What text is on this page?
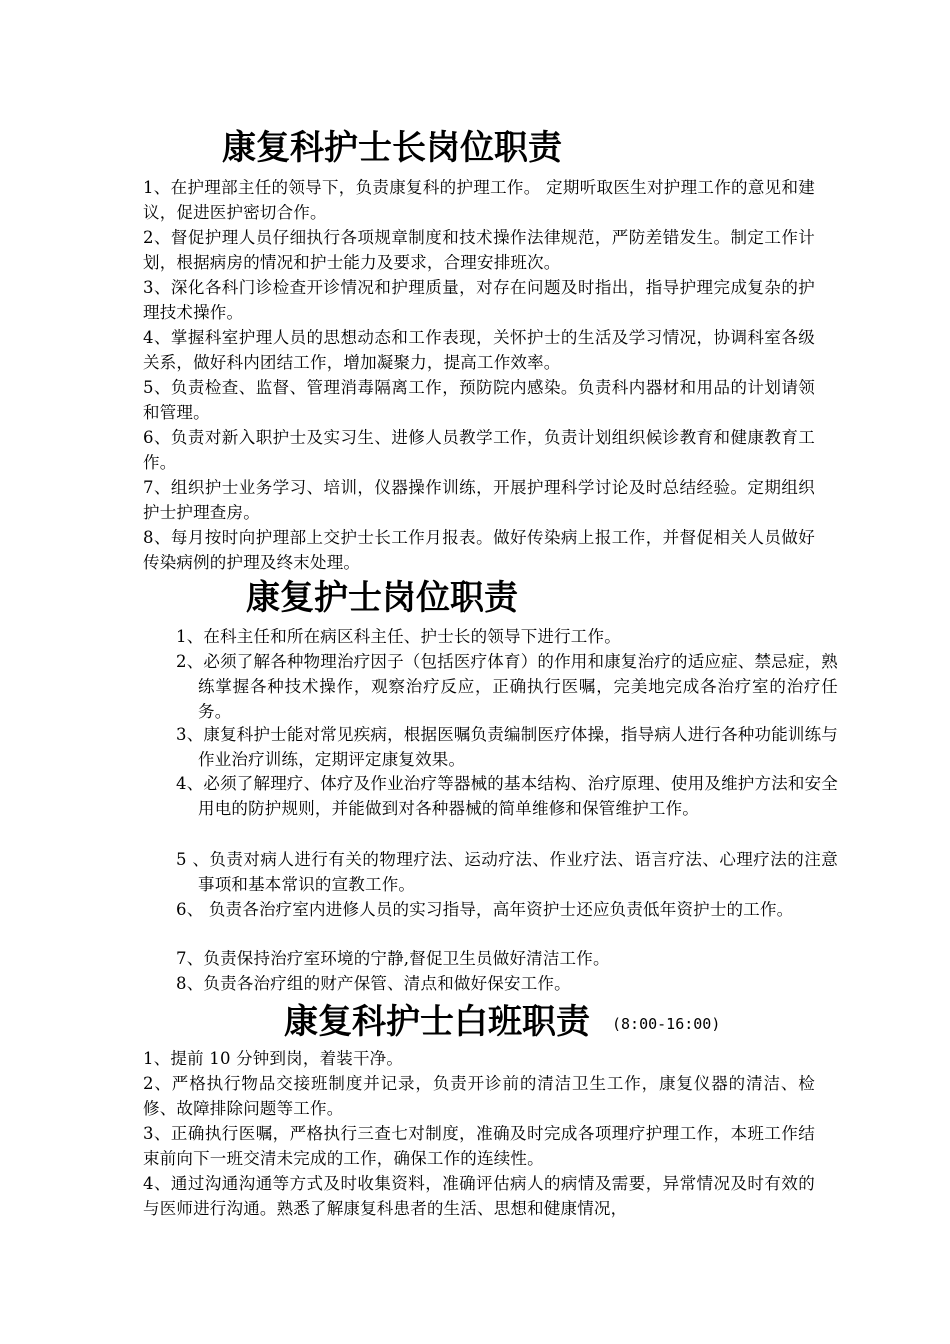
康复科护士长岗位职责

1、在护理部主任的领导下，负责康复科的护理工作。 定期听取医生对护理工作的意见和建议，促进医护密切合作。

2、督促护理人员仔细执行各项规章制度和技术操作法律规范，严防差错发生。制定工作计划，根据病房的情况和护士能力及要求，合理安排班次。

3、深化各科门诊检查开诊情况和护理质量，对存在问题及时指出，指导护理完成复杂的护理技术操作。

4、掌握科室护理人员的思想动态和工作表现，关怀护士的生活及学习情况，协调科室各级关系，做好科内团结工作，增加凝聚力，提高工作效率。

5、负责检查、监督、管理消毒隔离工作，预防院内感染。负责科内器材和用品的计划请领和管理。

6、负责对新入职护士及实习生、进修人员教学工作，负责计划组织候诊教育和健康教育工作。

7、组织护士业务学习、培训，仪器操作训练，开展护理科学讨论及时总结经验。定期组织护士护理查房。

8、每月按时向护理部上交护士长工作月报表。做好传染病上报工作，并督促相关人员做好传染病例的护理及终末处理。

康复护士岗位职责

1、在科主任和所在病区科主任、护士长的领导下进行工作。

2、必须了解各种物理治疗因子（包括医疗体育）的作用和康复治疗的适应症、禁忌症，熟练掌握各种技术操作，观察治疗反应，正确执行医嘱，完美地完成各治疗室的治疗任务。

3、康复科护士能对常见疾病，根据医嘱负责编制医疗体操，指导病人进行各种功能训练与作业治疗训练，定期评定康复效果。

4、必须了解理疗、体疗及作业治疗等器械的基本结构、治疗原理、使用及维护方法和安全用电的防护规则，并能做到对各种器械的简单维修和保管维护工作。

5 、负责对病人进行有关的物理疗法、运动疗法、作业疗法、语言疗法、心理疗法的注意事项和基本常识的宣教工作。

6、 负责各治疗室内进修人员的实习指导，高年资护士还应负责低年资护士的工作。

7、负责保持治疗室环境的宁静,督促卫生员做好清洁工作。

8、负责各治疗组的财产保管、清点和做好保安工作。

康复科护士白班职责 $^{(8:00-16:00)}$

1、提前 10 分钟到岗，着装干净。

2、严格执行物品交接班制度并记录，负责开诊前的清洁卫生工作，康复仪器的清洁、检修、故障排除问题等工作。

3、正确执行医嘱，严格执行三查七对制度，准确及时完成各项理疗护理工作，本班工作结束前向下一班交清未完成的工作，确保工作的连续性。

4、通过沟通沟通等方式及时收集资料，准确评估病人的病情及需要，异常情况及时有效的与医师进行沟通。熟悉了解康复科患者的生活、思想和健康情况，
